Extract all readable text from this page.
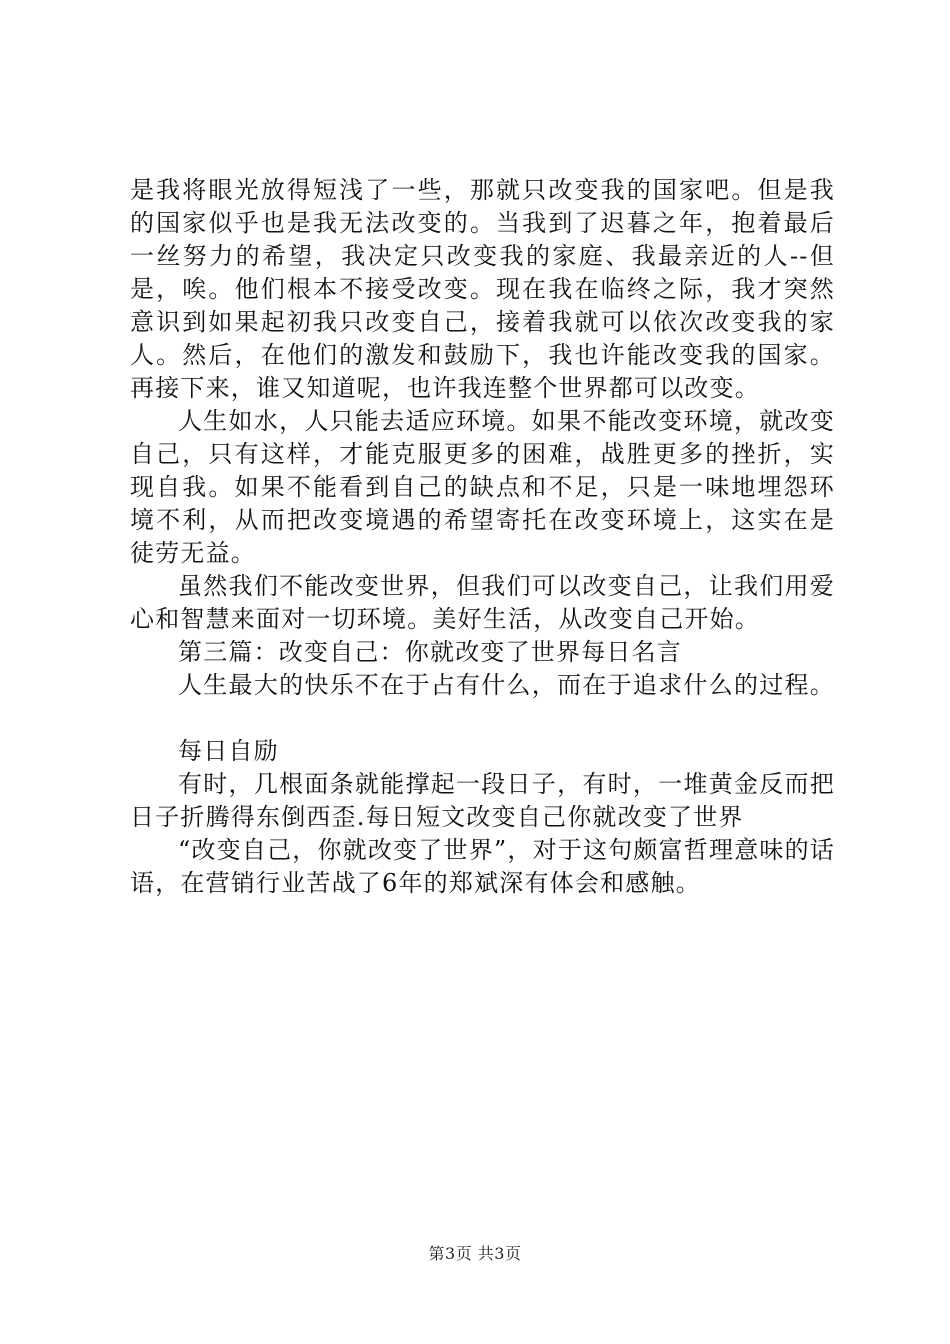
是我将眼光放得短浅了一些，那就只改变我的国家吧。但是我的国家似乎也是我无法改变的。当我到了迟暮之年，抱着最后一丝努力的希望，我决定只改变我的家庭、我最亲近的人--但是，唉。他们根本不接受改变。现在我在临终之际，我才突然意识到如果起初我只改变自己，接着我就可以依次改变我的家人。然后，在他们的激发和鼓励下，我也许能改变我的国家。再接下来，谁又知道呢，也许我连整个世界都可以改变。

人生如水，人只能去适应环境。如果不能改变环境，就改变自己，只有这样，才能克服更多的困难，战胜更多的挫折，实现自我。如果不能看到自己的缺点和不足，只是一味地埋怨环境不利，从而把改变境遇的希望寄托在改变环境上，这实在是徒劳无益。

虽然我们不能改变世界，但我们可以改变自己，让我们用爱心和智慧来面对一切环境。美好生活，从改变自己开始。

第三篇：改变自己：你就改变了世界每日名言

人生最大的快乐不在于占有什么，而在于追求什么的过程。

每日自励

有时，几根面条就能撑起一段日子，有时，一堆黄金反而把日子折腾得东倒西歪.每日短文改变自己你就改变了世界

“改变自己，你就改变了世界”，对于这句颇富哲理意味的话语，在营销行业苦战了6年的郑斌深有体会和感触。

第3页 共3页
